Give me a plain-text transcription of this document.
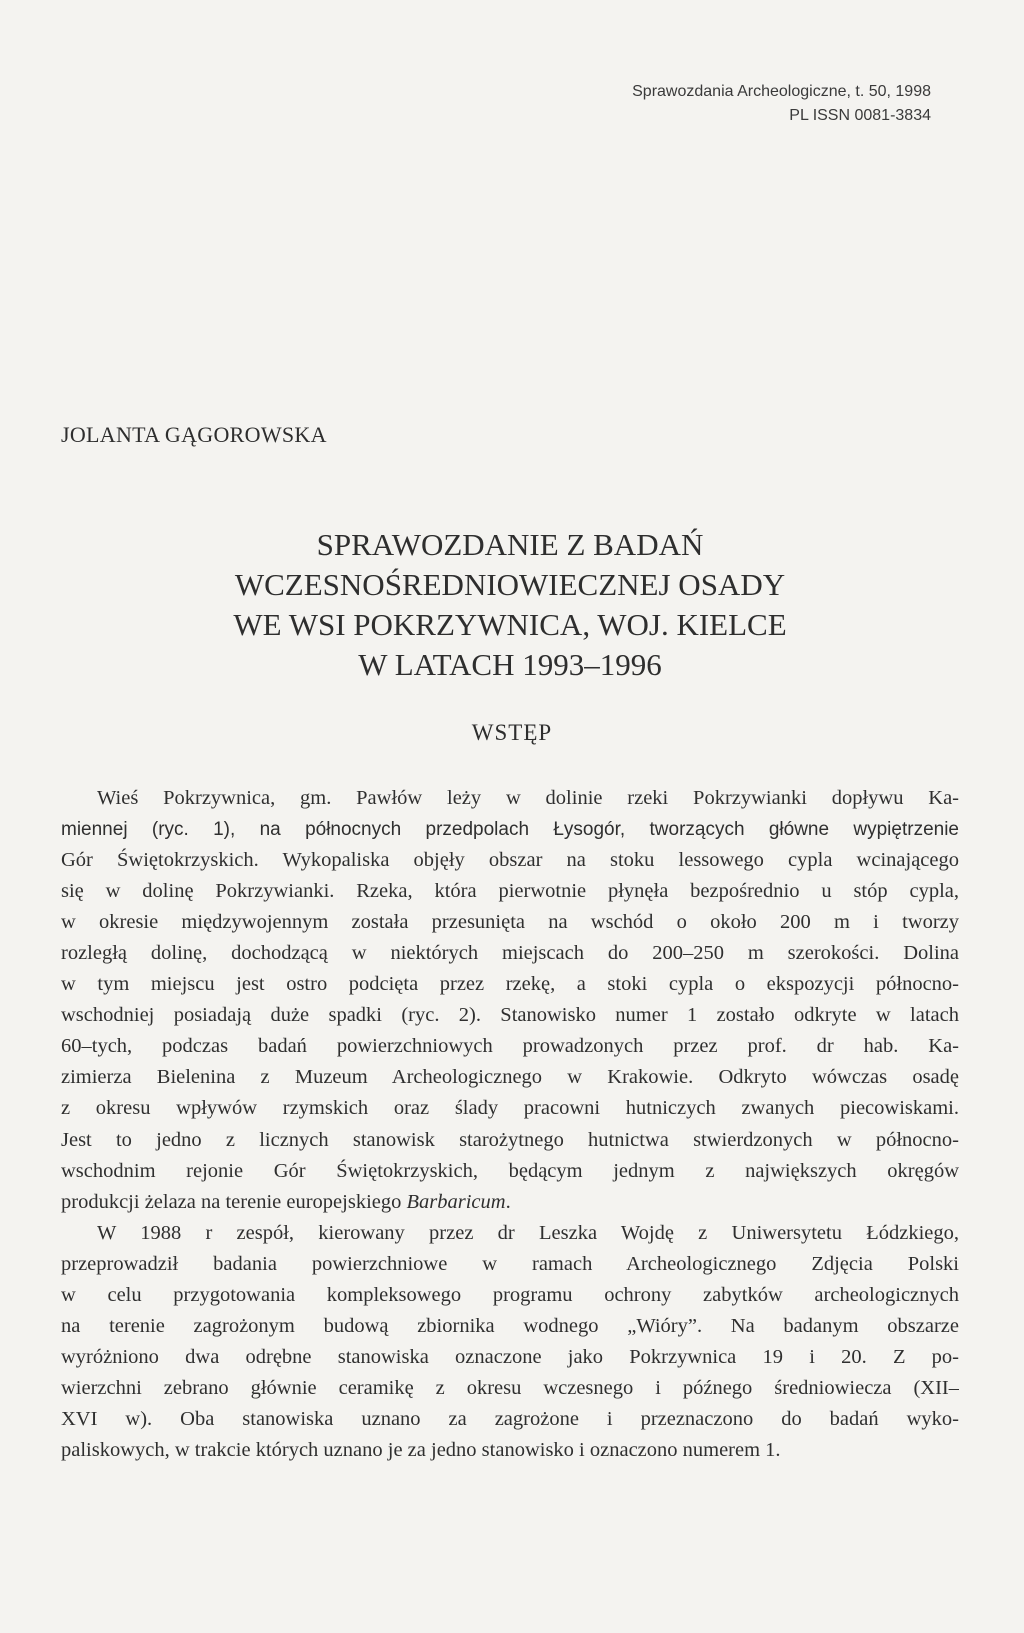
Sprawozdania Archeologiczne, t. 50, 1998
PL ISSN 0081-3834
JOLANTA GĄGOROWSKA
SPRAWOZDANIE Z BADAŃ
WCZESNOŚREDNIOWIECZNEJ OSADY
WE WSI POKRZYWNICA, WOJ. KIELCE
W LATACH 1993–1996
WSTĘP
Wieś Pokrzywnica, gm. Pawłów leży w dolinie rzeki Pokrzywianki dopływu Ka-
miennej (ryc. 1), na północnych przedpolach Łysogór, tworzących główne wypiętrzenie
Gór Świętokrzyskich. Wykopaliska objęły obszar na stoku lessowego cypla wcinającego
się w dolinę Pokrzywianki. Rzeka, która pierwotnie płynęła bezpośrednio u stóp cypla,
w okresie międzywojennym została przesunięta na wschód o około 200 m i tworzy
rozległą dolinę, dochodzącą w niektórych miejscach do 200–250 m szerokości. Dolina
w tym miejscu jest ostro podcięta przez rzekę, a stoki cypla o ekspozycji północno-
wschodniej posiadają duże spadki (ryc. 2). Stanowisko numer 1 zostało odkryte w latach
60–tych, podczas badań powierzchniowych prowadzonych przez prof. dr hab. Ka-
zimierza Bielenina z Muzeum Archeologicznego w Krakowie. Odkryto wówczas osadę
z okresu wpływów rzymskich oraz ślady pracowni hutniczych zwanych piecowiskami.
Jest to jedno z licznych stanowisk starożytnego hutnictwa stwierdzonych w północno-
wschodnim rejonie Gór Świętokrzyskich, będącym jednym z największych okręgów
produkcji żelaza na terenie europejskiego Barbaricum.
W 1988 r zespół, kierowany przez dr Leszka Wojdę z Uniwersytetu Łódzkiego,
przeprowadził badania powierzchniowe w ramach Archeologicznego Zdjęcia Polski
w celu przygotowania kompleksowego programu ochrony zabytków archeologicznych
na terenie zagrożonym budową zbiornika wodnego „Wióry”. Na badanym obszarze
wyróżniono dwa odrębne stanowiska oznaczone jako Pokrzywnica 19 i 20. Z po-
wierzchni zebrano głównie ceramikę z okresu wczesnego i późnego średniowiecza (XII–
XVI w). Oba stanowiska uznano za zagrożone i przeznaczono do badań wyko-
paliskowych, w trakcie których uznano je za jedno stanowisko i oznaczono numerem 1.
